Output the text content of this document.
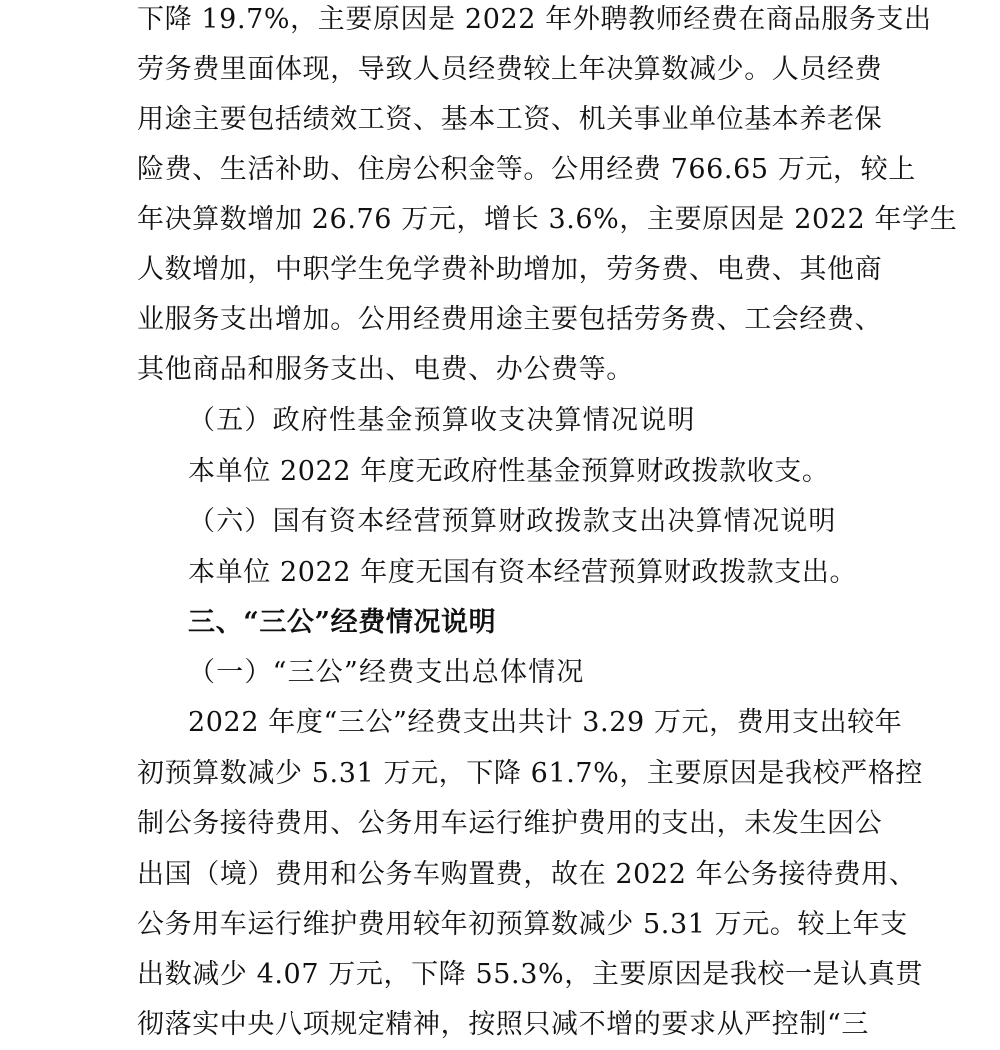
下降 19.7%，主要原因是 2022 年外聘教师经费在商品服务支出
劳务费里面体现，导致人员经费较上年决算数减少。人员经费
用途主要包括绩效工资、基本工资、机关事业单位基本养老保
险费、生活补助、住房公积金等。公用经费 766.65 万元，较上
年决算数增加 26.76 万元，增长 3.6%，主要原因是 2022 年学生
人数增加，中职学生免学费补助增加，劳务费、电费、其他商
业服务支出增加。公用经费用途主要包括劳务费、工会经费、
其他商品和服务支出、电费、办公费等。
（五）政府性基金预算收支决算情况说明
本单位 2022 年度无政府性基金预算财政拨款收支。
（六）国有资本经营预算财政拨款支出决算情况说明
本单位 2022 年度无国有资本经营预算财政拨款支出。
三、“三公”经费情况说明
（一）“三公”经费支出总体情况
2022 年度“三公”经费支出共计 3.29 万元，费用支出较年
初预算数减少 5.31 万元，下降 61.7%，主要原因是我校严格控
制公务接待费用、公务用车运行维护费用的支出，未发生因公
出国（境）费用和公务车购置费，故在 2022 年公务接待费用、
公务用车运行维护费用较年初预算数减少 5.31 万元。较上年支
出数减少 4.07 万元，下降 55.3%，主要原因是我校一是认真贯
彻落实中央八项规定精神，按照只减不增的要求从严控制“三
